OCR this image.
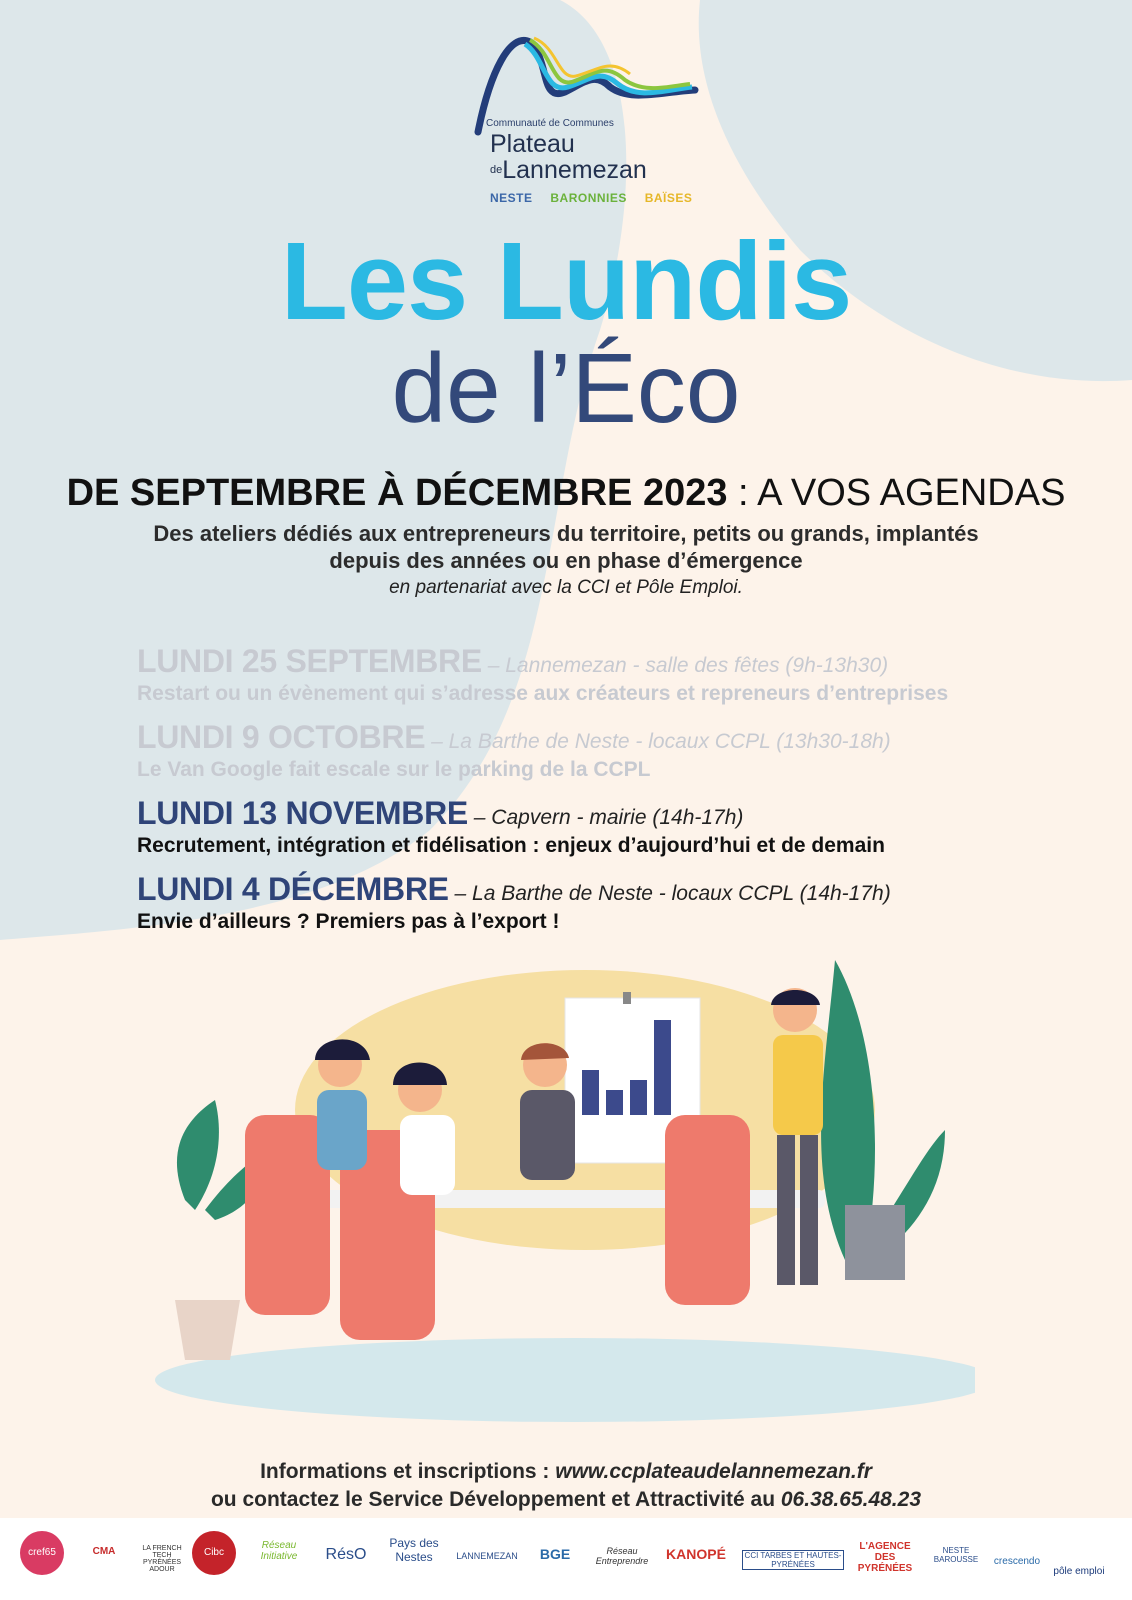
Communauté de Communes
Plateau
$^{de}$Lannemezan
NESTE BARONNIES BAÏSES
Les Lundis
de l’Éco
DE SEPTEMBRE À DÉCEMBRE 2023 : A VOS AGENDAS
Des ateliers dédiés aux entrepreneurs du territoire, petits ou grands, implantés
depuis des années ou en phase d’émergence
en partenariat avec la CCI et Pôle Emploi.
LUNDI 25 SEPTEMBRE – Lannemezan - salle des fêtes (9h-13h30)
Restart ou un évènement qui s’adresse aux créateurs et repreneurs d’entreprises
LUNDI 9 OCTOBRE – La Barthe de Neste - locaux CCPL (13h30-18h)
Le Van Google fait escale sur le parking de la CCPL
LUNDI 13 NOVEMBRE – Capvern - mairie (14h-17h)
Recrutement, intégration et fidélisation : enjeux d’aujourd’hui et de demain
LUNDI 4 DÉCEMBRE – La Barthe de Neste - locaux CCPL (14h-17h)
Envie d’ailleurs ? Premiers pas à l’export !
Informations et inscriptions : www.ccplateaudelannemezan.fr
ou contactez le Service Développement et Attractivité au 06.38.65.48.23
cref65	CMA	LA FRENCH TECH PYRÉNÉES ADOUR
Cibc
Réseau Initiative	RésO
Pays des Nestes	LANNEMEZAN	BGE	Réseau Entreprendre	KANOPÉ	CCI TARBES ET HAUTES-PYRÉNÉES
L'AGENCE DES PYRÉNÉES
NESTE BAROUSSE	crescendo
pôle emploi
